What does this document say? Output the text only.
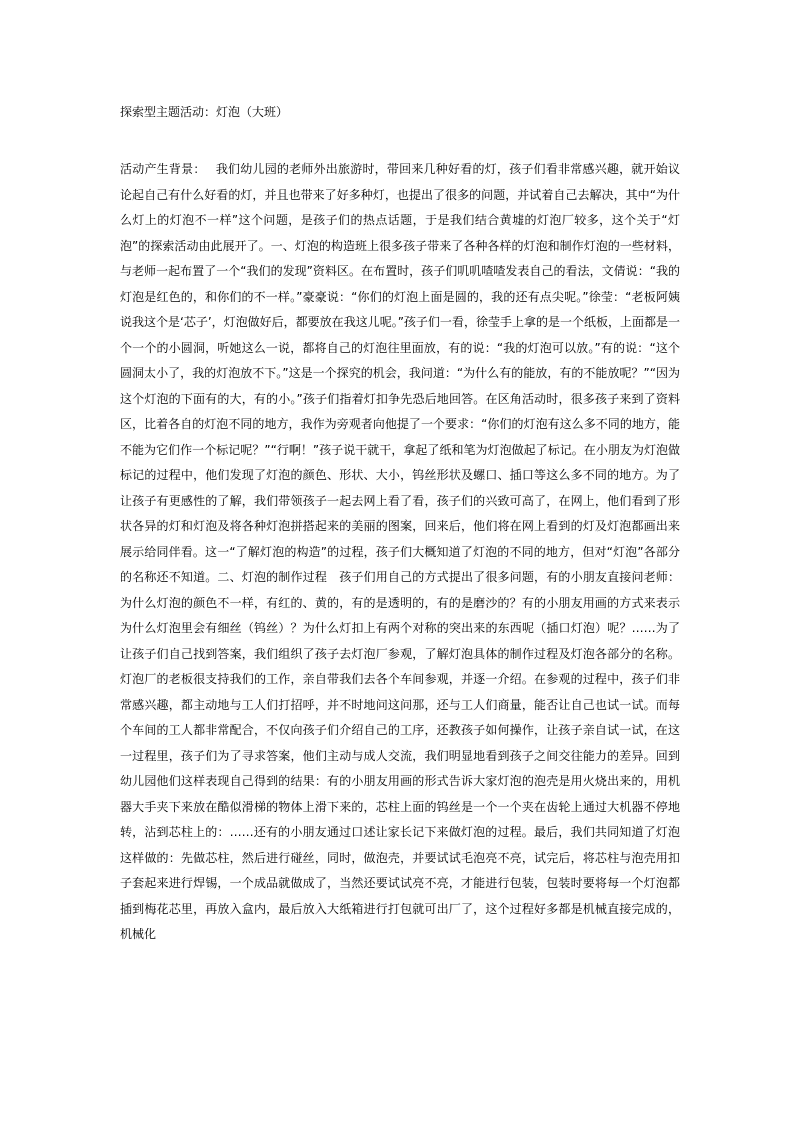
探索型主题活动：灯泡（大班）
活动产生背景：　 我们幼儿园的老师外出旅游时，带回来几种好看的灯，孩子们看非常感兴趣，就开始议论起自己有什么好看的灯，并且也带来了好多种灯，也提出了很多的问题，并试着自己去解决，其中“为什么灯上的灯泡不一样”这个问题，是孩子们的热点话题，于是我们结合黄墟的灯泡厂较多，这个关于“灯泡”的探索活动由此展开了。一、灯泡的构造班上很多孩子带来了各种各样的灯泡和制作灯泡的一些材料，与老师一起布置了一个“我们的发现”资料区。在布置时，孩子们叽叽喳喳发表自己的看法，文倩说：“我的灯泡是红色的，和你们的不一样。”豪豪说：“你们的灯泡上面是圆的，我的还有点尖呢。”徐莹：“老板阿姨说我这个是‘芯子’，灯泡做好后，都要放在我这儿呢。”孩子们一看，徐莹手上拿的是一个纸板，上面都是一个一个的小圆洞，听她这么一说，都将自己的灯泡往里面放，有的说：“我的灯泡可以放。”有的说：“这个圆洞太小了，我的灯泡放不下。”这是一个探究的机会，我问道：“为什么有的能放，有的不能放呢？”“因为这个灯泡的下面有的大，有的小。”孩子们指着灯扣争先恐后地回答。在区角活动时，很多孩子来到了资料区，比着各自的灯泡不同的地方，我作为旁观者向他提了一个要求：“你们的灯泡有这么多不同的地方，能不能为它们作一个标记呢？”“行啊！”孩子说干就干，拿起了纸和笔为灯泡做起了标记。在小朋友为灯泡做标记的过程中，他们发现了灯泡的颜色、形状、大小，钨丝形状及螺口、插口等这么多不同的地方。为了让孩子有更感性的了解，我们带领孩子一起去网上看了看，孩子们的兴致可高了，在网上，他们看到了形状各异的灯和灯泡及将各种灯泡拼搭起来的美丽的图案，回来后，他们将在网上看到的灯及灯泡都画出来展示给同伴看。这一“了解灯泡的构造”的过程，孩子们大概知道了灯泡的不同的地方，但对“灯泡”各部分的名称还不知道。二、灯泡的制作过程　孩子们用自己的方式提出了很多问题，有的小朋友直接问老师：为什么灯泡的颜色不一样，有红的、黄的，有的是透明的，有的是磨沙的？有的小朋友用画的方式来表示为什么灯泡里会有细丝（钨丝）？为什么灯扣上有两个对称的突出来的东西呢（插口灯泡）呢？……为了让孩子们自己找到答案，我们组织了孩子去灯泡厂参观，了解灯泡具体的制作过程及灯泡各部分的名称。灯泡厂的老板很支持我们的工作，亲自带我们去各个车间参观，并逐一介绍。在参观的过程中，孩子们非常感兴趣，都主动地与工人们打招呼，并不时地问这问那，还与工人们商量，能否让自己也试一试。而每个车间的工人都非常配合，不仅向孩子们介绍自己的工序，还教孩子如何操作，让孩子亲自试一试，在这一过程里，孩子们为了寻求答案，他们主动与成人交流，我们明显地看到孩子之间交往能力的差异。回到幼儿园他们这样表现自己得到的结果：有的小朋友用画的形式告诉大家灯泡的泡壳是用火烧出来的，用机器大手夹下来放在酷似滑梯的物体上滑下来的，芯柱上面的钨丝是一个一个夹在齿轮上通过大机器不停地转，沾到芯柱上的：……还有的小朋友通过口述让家长记下来做灯泡的过程。最后，我们共同知道了灯泡这样做的：先做芯柱，然后进行碰丝，同时，做泡壳，并要试试毛泡亮不亮，试完后，将芯柱与泡壳用扣子套起来进行焊锡，一个成品就做成了，当然还要试试亮不亮，才能进行包装，包装时要将每一个灯泡都插到梅花芯里，再放入盒内，最后放入大纸箱进行打包就可出厂了，这个过程好多都是机械直接完成的，机械化
